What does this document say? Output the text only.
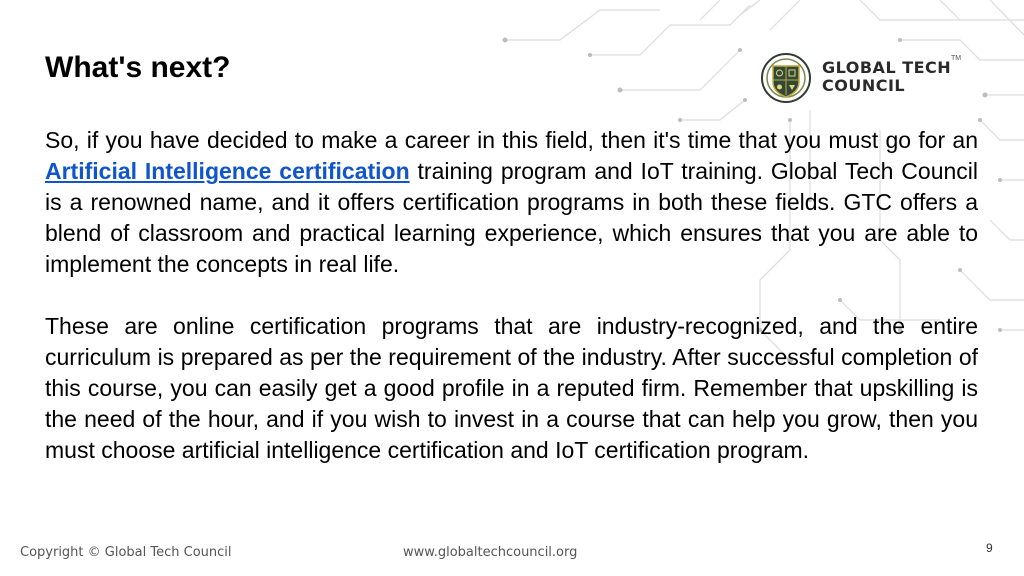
What's next?	GLOBAL TECH
COUNCIL
TM

So, if you have decided to make a career in this field, then it's time that you must go for an Artificial Intelligence certification training program and IoT training. Global Tech Council is a renowned name, and it offers certification programs in both these fields. GTC offers a blend of classroom and practical learning experience, which ensures that you are able to implement the concepts in real life.

These are online certification programs that are industry-recognized, and the entire curriculum is prepared as per the requirement of the industry. After successful completion of this course, you can easily get a good profile in a reputed firm. Remember that upskilling is the need of the hour, and if you wish to invest in a course that can help you grow, then you must choose artificial intelligence certification and IoT certification program.

Copyright © Global Tech Council	www.globaltechcouncil.org	9
